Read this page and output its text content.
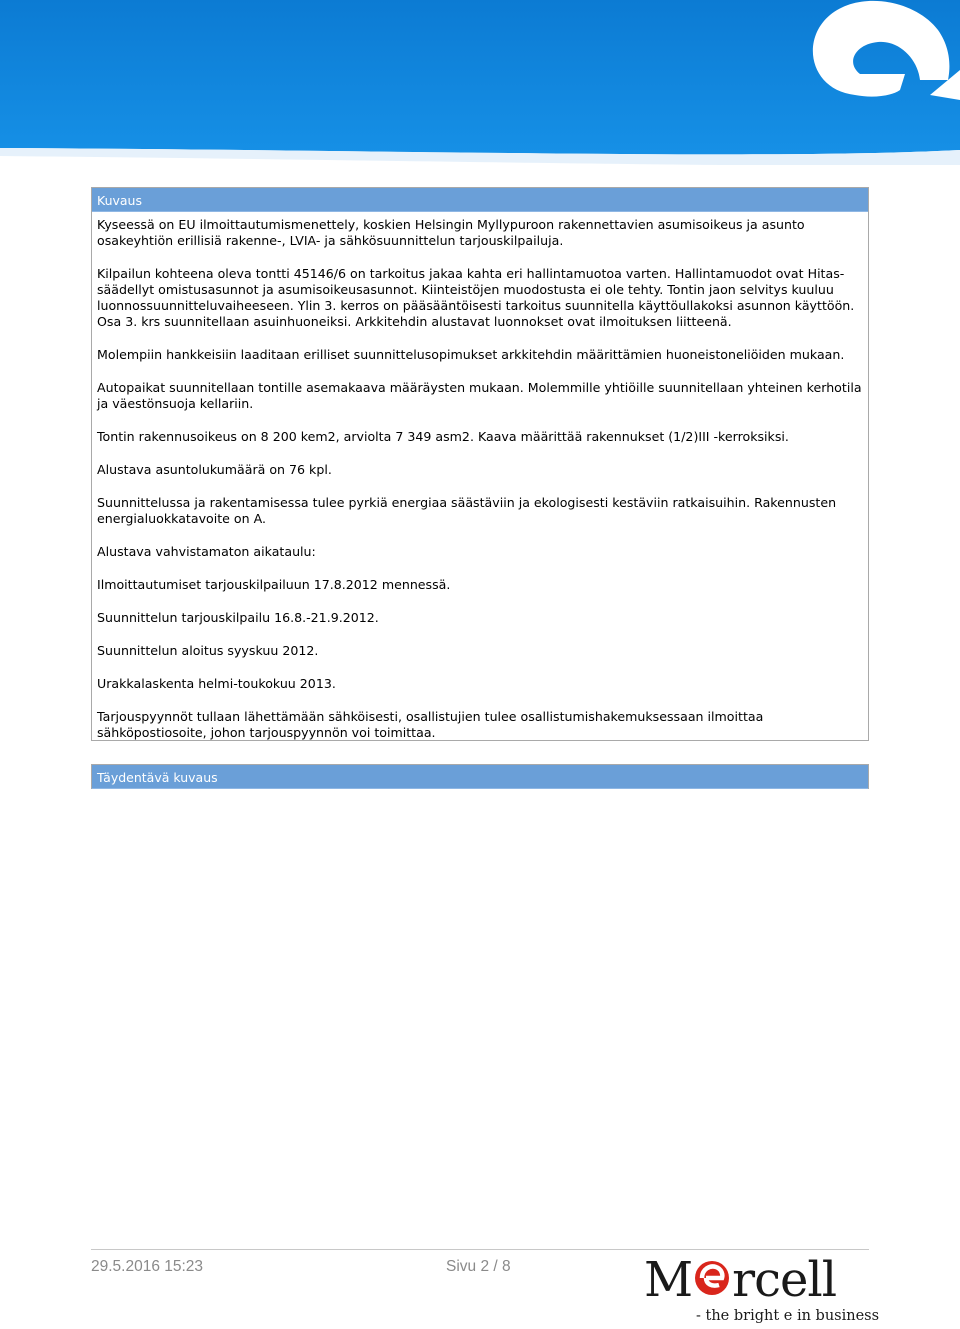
Kuvaus

Kyseessä on EU ilmoittautumismenettely, koskien Helsingin Myllypuroon rakennettavien asumisoikeus ja asunto osakeyhtiön erillisiä rakenne-, LVIA- ja sähkösuunnittelun tarjouskilpailuja.

Kilpailun kohteena oleva tontti 45146/6 on tarkoitus jakaa kahta eri hallintamuotoa varten. Hallintamuodot ovat Hitas-säädellyt omistusasunnot ja asumisoikeusasunnot. Kiinteistöjen muodostusta ei ole tehty. Tontin jaon selvitys kuuluu luonnossuunnitteluvaiheeseen. Ylin 3. kerros on pääsääntöisesti tarkoitus suunnitella käyttöullakoksi asunnon käyttöön. Osa 3. krs suunnitellaan asuinhuoneiksi. Arkkitehdin alustavat luonnokset ovat ilmoituksen liitteenä.

Molempiin hankkeisiin laaditaan erilliset suunnittelusopimukset arkkitehdin määrittämien huoneistoneliöiden mukaan.

Autopaikat suunnitellaan tontille asemakaava määräysten mukaan. Molemmille yhtiöille suunnitellaan yhteinen kerhotila ja väestönsuoja kellariin.

Tontin rakennusoikeus on 8 200 kem2, arviolta 7 349 asm2. Kaava määrittää rakennukset (1/2)III -kerroksiksi.

Alustava asuntolukumäärä on 76 kpl.

Suunnittelussa ja rakentamisessa tulee pyrkiä energiaa säästäviin ja ekologisesti kestäviin ratkaisuihin. Rakennusten energialuokkatavoite on A.

Alustava vahvistamaton aikataulu:

Ilmoittautumiset tarjouskilpailuun 17.8.2012 mennessä.

Suunnittelun tarjouskilpailu 16.8.-21.9.2012.

Suunnittelun aloitus syyskuu 2012.

Urakkalaskenta helmi-toukokuu 2013.

Tarjouspyynnöt tullaan lähettämään sähköisesti, osallistujien tulee osallistumishakemuksessaan ilmoittaa sähköpostiosoite, johon tarjouspyynnön voi toimittaa.

Täydentävä kuvaus
29.5.2016 15:23	Sivu 2 / 8	M rcell
- the bright e in business
